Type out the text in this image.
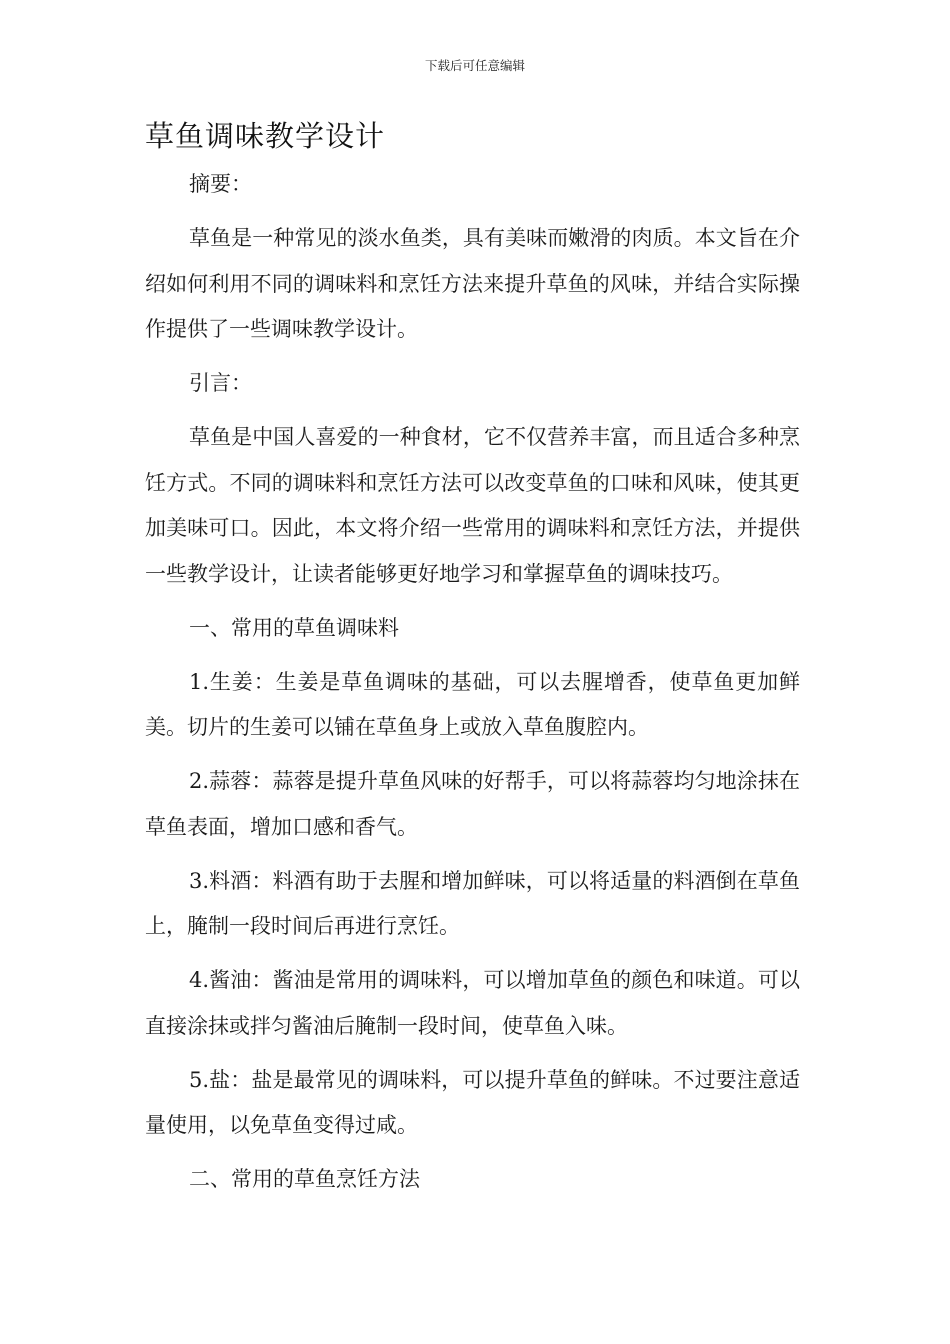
下载后可任意编辑
草鱼调味教学设计

摘要：

草鱼是一种常见的淡水鱼类，具有美味而嫩滑的肉质。本文旨在介绍如何利用不同的调味料和烹饪方法来提升草鱼的风味，并结合实际操作提供了一些调味教学设计。

引言：

草鱼是中国人喜爱的一种食材，它不仅营养丰富，而且适合多种烹饪方式。不同的调味料和烹饪方法可以改变草鱼的口味和风味，使其更加美味可口。因此，本文将介绍一些常用的调味料和烹饪方法，并提供一些教学设计，让读者能够更好地学习和掌握草鱼的调味技巧。

一、常用的草鱼调味料

1.生姜：生姜是草鱼调味的基础，可以去腥增香，使草鱼更加鲜美。切片的生姜可以铺在草鱼身上或放入草鱼腹腔内。

2.蒜蓉：蒜蓉是提升草鱼风味的好帮手，可以将蒜蓉均匀地涂抹在草鱼表面，增加口感和香气。

3.料酒：料酒有助于去腥和增加鲜味，可以将适量的料酒倒在草鱼上，腌制一段时间后再进行烹饪。

4.酱油：酱油是常用的调味料，可以增加草鱼的颜色和味道。可以直接涂抹或拌匀酱油后腌制一段时间，使草鱼入味。

5.盐：盐是最常见的调味料，可以提升草鱼的鲜味。不过要注意适量使用，以免草鱼变得过咸。

二、常用的草鱼烹饪方法
